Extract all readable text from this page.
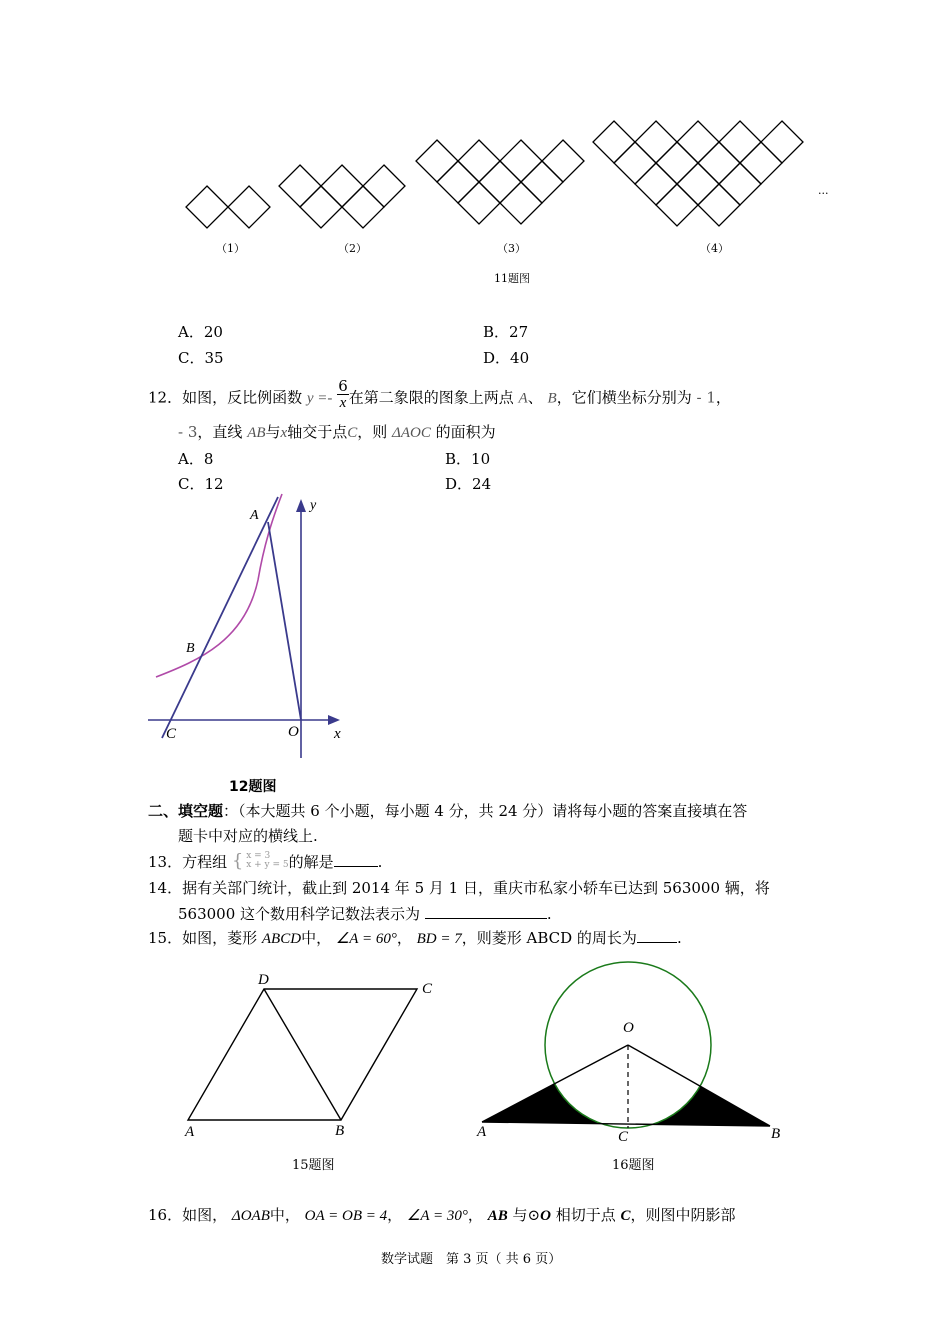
（1）	（2）	（3）	（4）
...
11题图
A．20	B．27
C．35	D．40
12．如图，反比例函数 $y =- \frac{6}{x}$ 在第二象限的图象上两点 A、 B，它们横坐标分别为 - 1，
- 3，直线 AB与x轴交于点C，则 ΔAOC 的面积为
A．8	B．10
C．12	D．24
A
B
C	O x
y
12题图
二、填空题：（本大题共 6 个小题，每小题 4 分，共 24 分）请将每小题的答案直接填在答
题卡中对应的横线上.
13．方程组 { x = 3
x + y = 5 的解是	.
14．据有关部门统计，截止到 2014 年 5 月 1 日，重庆市私家小轿车已达到 563000 辆，将
563000 这个数用科学记数法表示为	.
15．如图，菱形 ABCD中， ∠A = 60°， BD = 7，则菱形 ABCD 的周长为	.
A	B
C
D
15题图
O
A	B
C
16题图
16．如图， ΔOAB中， OA = OB = 4， ∠A = 30°， AB 与⊙O 相切于点 C，则图中阴影部
数学试题　第 3 页（ 共 6 页）
